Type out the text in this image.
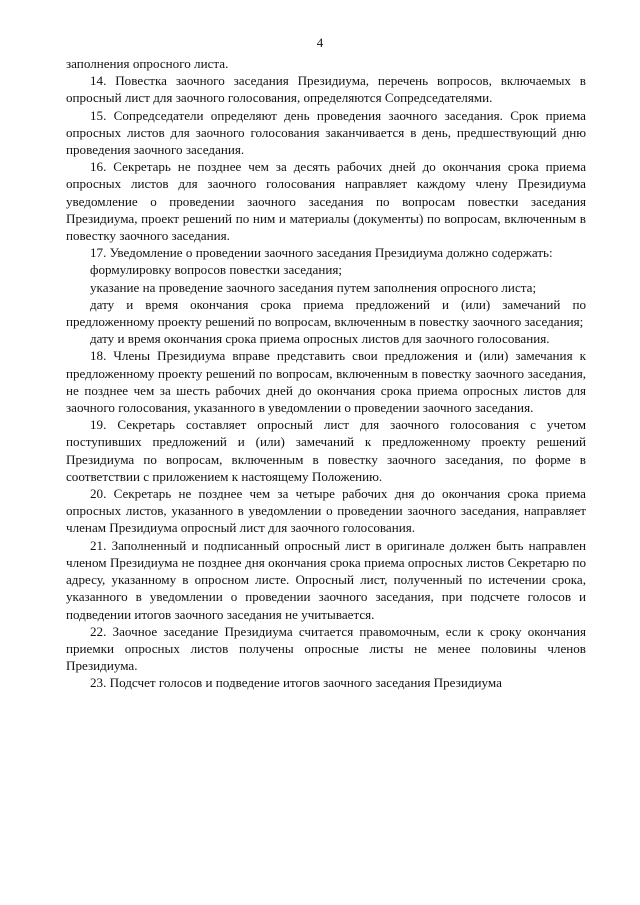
4

заполнения опросного листа.

14. Повестка заочного заседания Президиума, перечень вопросов, включаемых в опросный лист для заочного голосования, определяются Сопредседателями.

15. Сопредседатели определяют день проведения заочного заседания. Срок приема опросных листов для заочного голосования заканчивается в день, предшествующий дню проведения заочного заседания.

16. Секретарь не позднее чем за десять рабочих дней до окончания срока приема опросных листов для заочного голосования направляет каждому члену Президиума уведомление о проведении заочного заседания по вопросам повестки заседания Президиума, проект решений по ним и материалы (документы) по вопросам, включенным в повестку заочного заседания.

17. Уведомление о проведении заочного заседания Президиума должно содержать:

формулировку вопросов повестки заседания;

указание на проведение заочного заседания путем заполнения опросного листа;

дату и время окончания срока приема предложений и (или) замечаний по предложенному проекту решений по вопросам, включенным в повестку заочного заседания;

дату и время окончания срока приема опросных листов для заочного голосования.

18. Члены Президиума вправе представить свои предложения и (или) замечания к предложенному проекту решений по вопросам, включенным в повестку заочного заседания, не позднее чем за шесть рабочих дней до окончания срока приема опросных листов для заочного голосования, указанного в уведомлении о проведении заочного заседания.

19. Секретарь составляет опросный лист для заочного голосования с учетом поступивших предложений и (или) замечаний к предложенному проекту решений Президиума по вопросам, включенным в повестку заочного заседания, по форме в соответствии с приложением к настоящему Положению.

20. Секретарь не позднее чем за четыре рабочих дня до окончания срока приема опросных листов, указанного в уведомлении о проведении заочного заседания, направляет членам Президиума опросный лист для заочного голосования.

21. Заполненный и подписанный опросный лист в оригинале должен быть направлен членом Президиума не позднее дня окончания срока приема опросных листов Секретарю по адресу, указанному в опросном листе. Опросный лист, полученный по истечении срока, указанного в уведомлении о проведении заочного заседания, при подсчете голосов и подведении итогов заочного заседания не учитывается.

22. Заочное заседание Президиума считается правомочным, если к сроку окончания приемки опросных листов получены опросные листы не менее половины членов Президиума.

23. Подсчет голосов и подведение итогов заочного заседания Президиума
